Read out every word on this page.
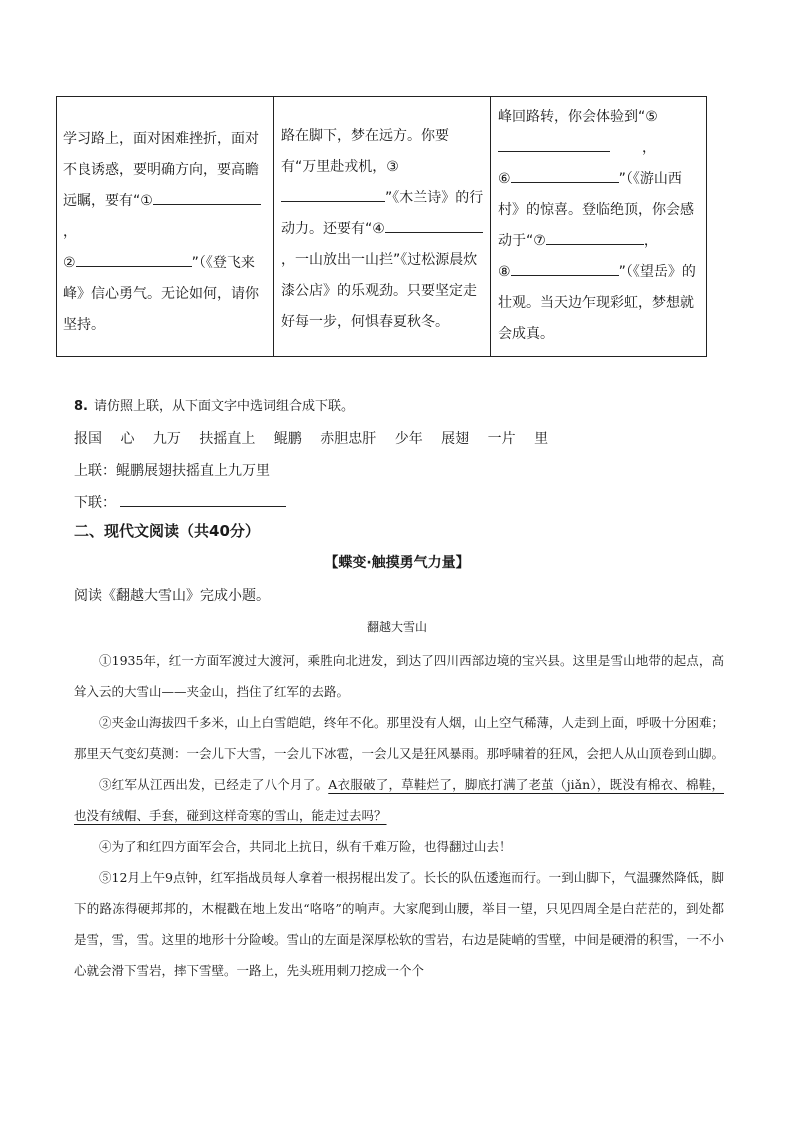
学习路上，面对困难挫折，面对不良诱惑，要明确方向，要高瞻远瞩，要有“①，
②	”（《登飞来峰》信心勇气。无论如何，请你坚持。
路在脚下，梦在远方。你要有“万里赴戎机，③”《木兰诗》的行动力。还要有“④，一山放出一山拦”《过松源晨炊漆公店》的乐观劲。只要坚定走好每一步，何惧春夏秋冬。
峰回路转，你会体验到“⑤，
⑥	”（《游山西村》的惊喜。登临绝顶，你会感动于“⑦	，
⑧	”（《望岳》的壮观。当天边乍现彩虹，梦想就会成真。
8. 请仿照上联，从下面文字中选词组合成下联。
报国 心 九万 扶摇直上 鲲鹏 赤胆忠肝 少年 展翅 一片 里
上联：鲲鹏展翅扶摇直上九万里
下联：
二、现代文阅读（共40分）
【蝶变·触摸勇气力量】
阅读《翻越大雪山》完成小题。
翻越大雪山

①1935年，红一方面军渡过大渡河，乘胜向北进发，到达了四川西部边境的宝兴县。这里是雪山地带的起点，高耸入云的大雪山——夹金山，挡住了红军的去路。

②夹金山海拔四千多米，山上白雪皑皑，终年不化。那里没有人烟，山上空气稀薄，人走到上面，呼吸十分困难；那里天气变幻莫测：一会儿下大雪，一会儿下冰雹，一会儿又是狂风暴雨。那呼啸着的狂风，会把人从山顶卷到山脚。

③红军从江西出发，已经走了八个月了。A衣服破了，草鞋烂了，脚底打满了老茧（jiǎn），既没有棉衣、棉鞋，也没有绒帽、手套，碰到这样奇寒的雪山，能走过去吗？

④为了和红四方面军会合，共同北上抗日，纵有千难万险，也得翻过山去！

⑤12月上午9点钟，红军指战员每人拿着一根拐棍出发了。长长的队伍逶迤而行。一到山脚下，气温骤然降低，脚下的路冻得硬邦邦的，木棍戳在地上发出“咯咯”的响声。大家爬到山腰，举目一望，只见四周全是白茫茫的，到处都是雪，雪，雪。这里的地形十分险峻。雪山的左面是深厚松软的雪岩，右边是陡峭的雪壁，中间是硬滑的积雪，一不小心就会滑下雪岩，摔下雪壁。一路上，先头班用刺刀挖成一个个
